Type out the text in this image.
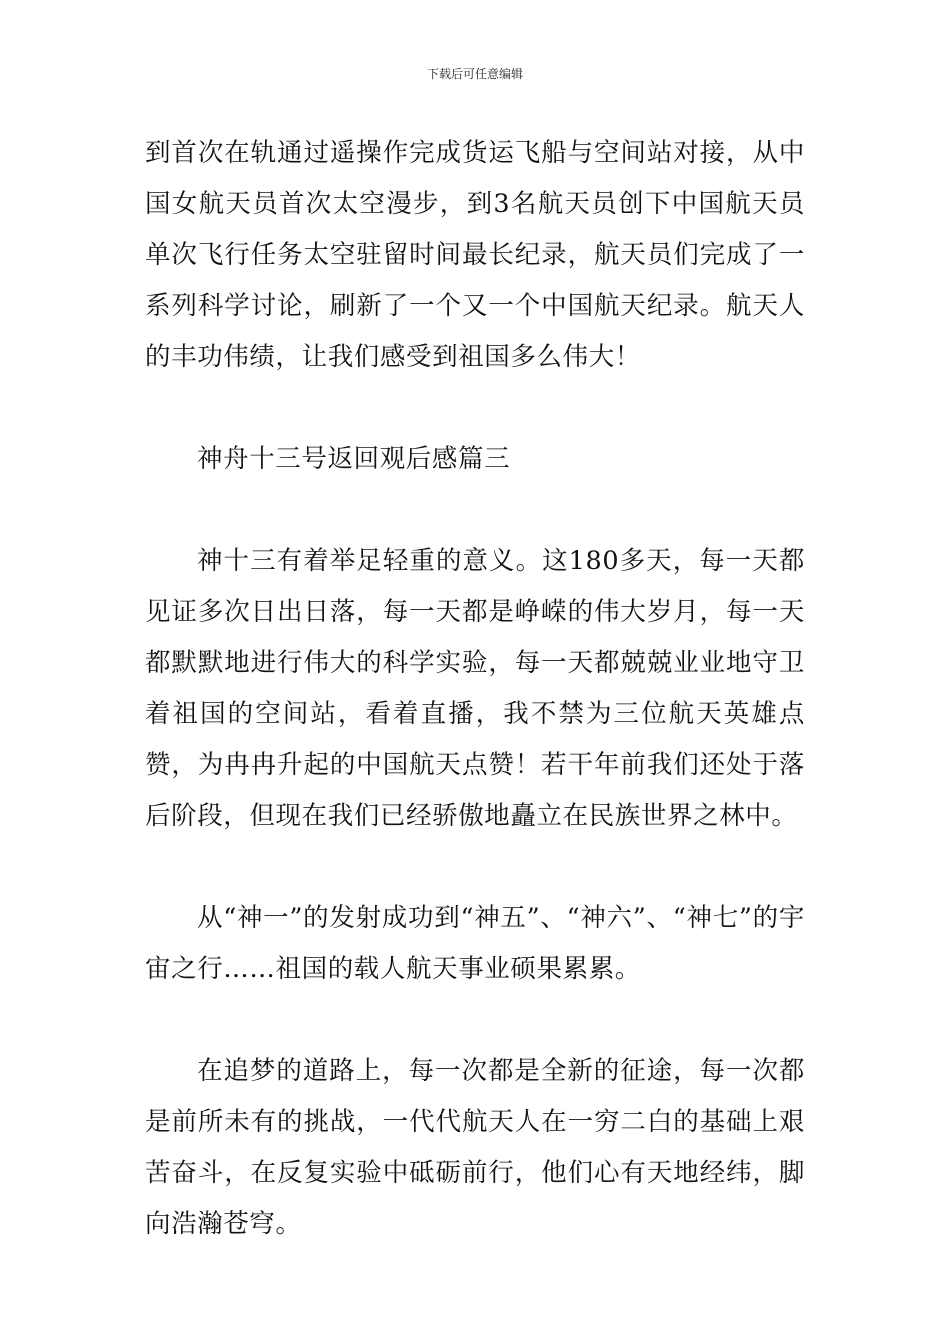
下载后可任意编辑

到首次在轨通过遥操作完成货运飞船与空间站对接，从中国女航天员首次太空漫步，到3名航天员创下中国航天员单次飞行任务太空驻留时间最长纪录，航天员们完成了一系列科学讨论，刷新了一个又一个中国航天纪录。航天人的丰功伟绩，让我们感受到祖国多么伟大！

神舟十三号返回观后感篇三

神十三有着举足轻重的意义。这180多天，每一天都见证多次日出日落，每一天都是峥嵘的伟大岁月，每一天都默默地进行伟大的科学实验，每一天都兢兢业业地守卫着祖国的空间站，看着直播，我不禁为三位航天英雄点赞，为冉冉升起的中国航天点赞！若干年前我们还处于落后阶段，但现在我们已经骄傲地矗立在民族世界之林中。

从“神一”的发射成功到“神五”、“神六”、“神七”的宇宙之行……祖国的载人航天事业硕果累累。

在追梦的道路上，每一次都是全新的征途，每一次都是前所未有的挑战，一代代航天人在一穷二白的基础上艰苦奋斗，在反复实验中砥砺前行，他们心有天地经纬，脚向浩瀚苍穹。
